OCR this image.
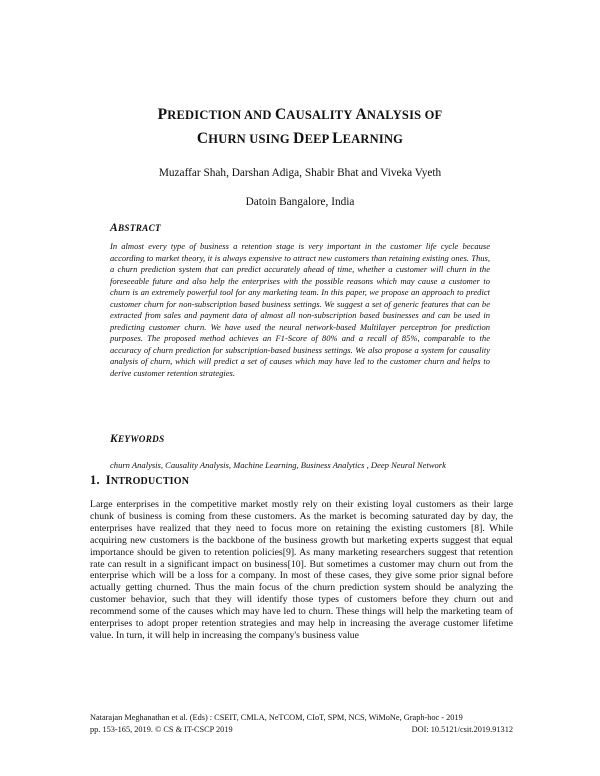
PREDICTION AND CAUSALITY ANALYSIS OF
CHURN USING DEEP LEARNING

Muzaffar Shah, Darshan Adiga, Shabir Bhat and Viveka Vyeth

Datoin Bangalore, India

ABSTRACT

In almost every type of business a retention stage is very important in the customer life cycle because according to market theory, it is always expensive to attract new customers than retaining existing ones. Thus, a churn prediction system that can predict accurately ahead of time, whether a customer will churn in the foreseeable future and also help the enterprises with the possible reasons which may cause a customer to churn is an extremely powerful tool for any marketing team. In this paper, we propose an approach to predict customer churn for non-subscription based business settings. We suggest a set of generic features that can be extracted from sales and payment data of almost all non-subscription based businesses and can be used in predicting customer churn. We have used the neural network-based Multilayer perceptron for prediction purposes. The proposed method achieves an F1-Score of 80% and a recall of 85%, comparable to the accuracy of churn prediction for subscription-based business settings. We also propose a system for causality analysis of churn, which will predict a set of causes which may have led to the customer churn and helps to derive customer retention strategies.

KEYWORDS

churn Analysis, Causality Analysis, Machine Learning, Business Analytics , Deep Neural Network

1. INTRODUCTION

Large enterprises in the competitive market mostly rely on their existing loyal customers as their large chunk of business is coming from these customers. As the market is becoming saturated day by day, the enterprises have realized that they need to focus more on retaining the existing customers [8]. While acquiring new customers is the backbone of the business growth but marketing experts suggest that equal importance should be given to retention policies[9]. As many marketing researchers suggest that retention rate can result in a significant impact on business[10]. But sometimes a customer may churn out from the enterprise which will be a loss for a company. In most of these cases, they give some prior signal before actually getting churned. Thus the main focus of the churn prediction system should be analyzing the customer behavior, such that they will identify those types of customers before they churn out and recommend some of the causes which may have led to churn. These things will help the marketing team of enterprises to adopt proper retention strategies and may help in increasing the average customer lifetime value. In turn, it will help in increasing the company's business value

Natarajan Meghanathan et al. (Eds) : CSEIT, CMLA, NeTCOM, CIoT, SPM, NCS, WiMoNe, Graph-hoc - 2019
pp. 153-165, 2019. © CS & IT-CSCP 2019	DOI: 10.5121/csit.2019.91312
